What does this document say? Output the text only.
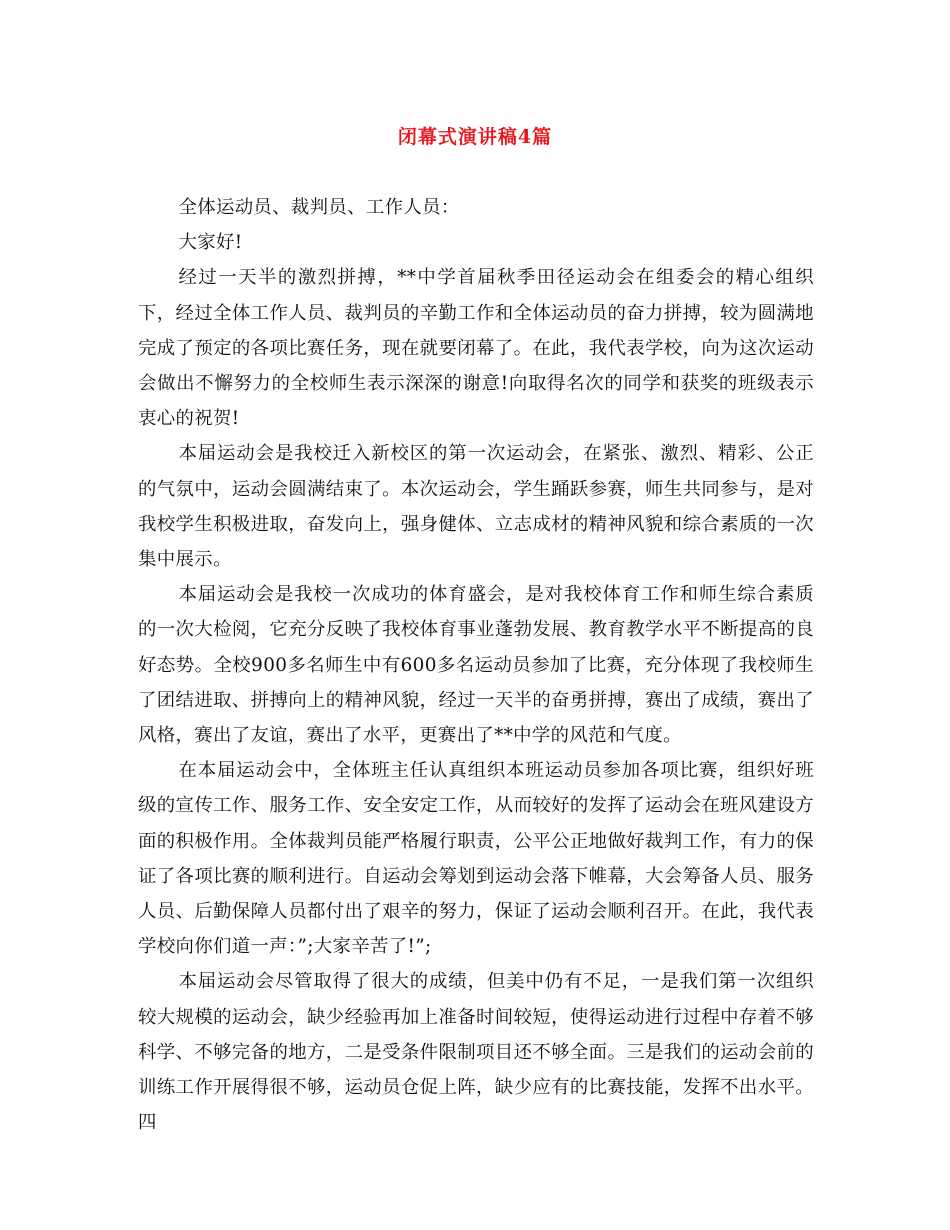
闭幕式演讲稿4篇

全体运动员、裁判员、工作人员：

大家好!

经过一天半的激烈拼搏，**中学首届秋季田径运动会在组委会的精心组织下，经过全体工作人员、裁判员的辛勤工作和全体运动员的奋力拼搏，较为圆满地完成了预定的各项比赛任务，现在就要闭幕了。在此，我代表学校，向为这次运动会做出不懈努力的全校师生表示深深的谢意!向取得名次的同学和获奖的班级表示衷心的祝贺!

本届运动会是我校迁入新校区的第一次运动会，在紧张、激烈、精彩、公正的气氛中，运动会圆满结束了。本次运动会，学生踊跃参赛，师生共同参与，是对我校学生积极进取，奋发向上，强身健体、立志成材的精神风貌和综合素质的一次集中展示。

本届运动会是我校一次成功的体育盛会，是对我校体育工作和师生综合素质的一次大检阅，它充分反映了我校体育事业蓬勃发展、教育教学水平不断提高的良好态势。全校900多名师生中有600多名运动员参加了比赛，充分体现了我校师生了团结进取、拼搏向上的精神风貌，经过一天半的奋勇拼搏，赛出了成绩，赛出了风格，赛出了友谊，赛出了水平，更赛出了**中学的风范和气度。

在本届运动会中，全体班主任认真组织本班运动员参加各项比赛，组织好班级的宣传工作、服务工作、安全安定工作，从而较好的发挥了运动会在班风建设方面的积极作用。全体裁判员能严格履行职责，公平公正地做好裁判工作，有力的保证了各项比赛的顺利进行。自运动会筹划到运动会落下帷幕，大会筹备人员、服务人员、后勤保障人员都付出了艰辛的努力，保证了运动会顺利召开。在此，我代表学校向你们道一声：”;大家辛苦了!”;

本届运动会尽管取得了很大的成绩，但美中仍有不足，一是我们第一次组织较大规模的运动会，缺少经验再加上准备时间较短，使得运动进行过程中存着不够科学、不够完备的地方，二是受条件限制项目还不够全面。三是我们的运动会前的训练工作开展得很不够，运动员仓促上阵，缺少应有的比赛技能，发挥不出水平。四
